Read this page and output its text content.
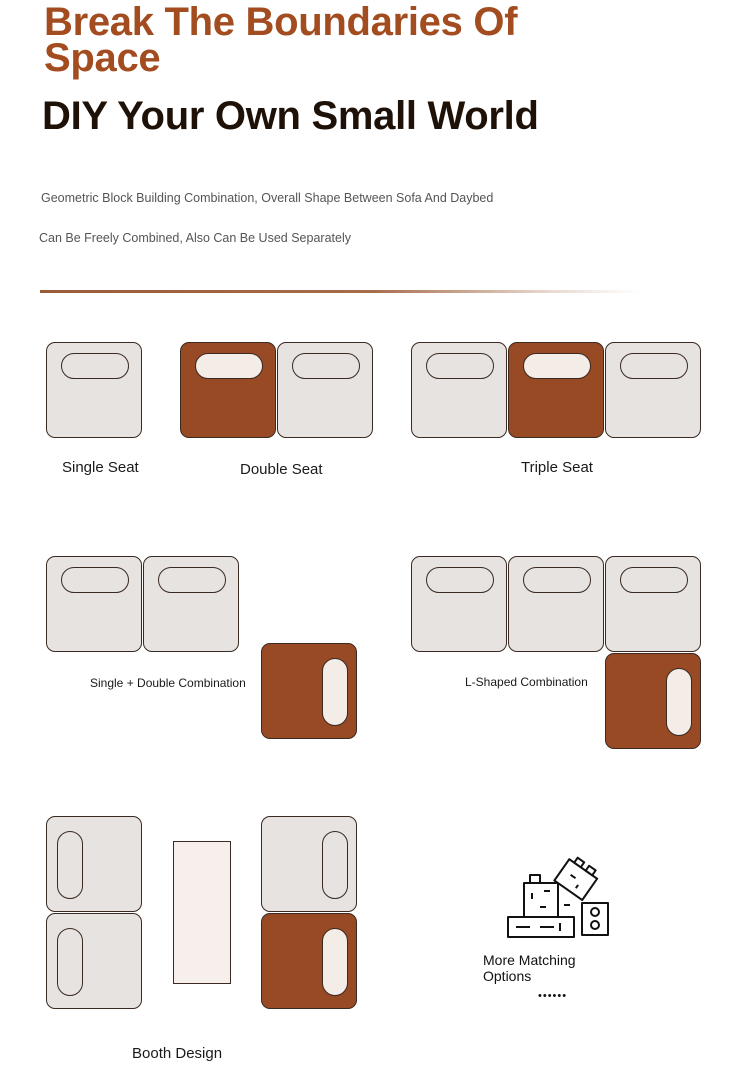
Break The Boundaries Of Space
DIY Your Own Small World
Geometric Block Building Combination, Overall Shape Between Sofa And Daybed
Can Be Freely Combined, Also Can Be Used Separately
Single Seat	Double Seat	Triple Seat
Single + Double Combination	L-Shaped Combination
Booth Design
More Matching Options
••••••
